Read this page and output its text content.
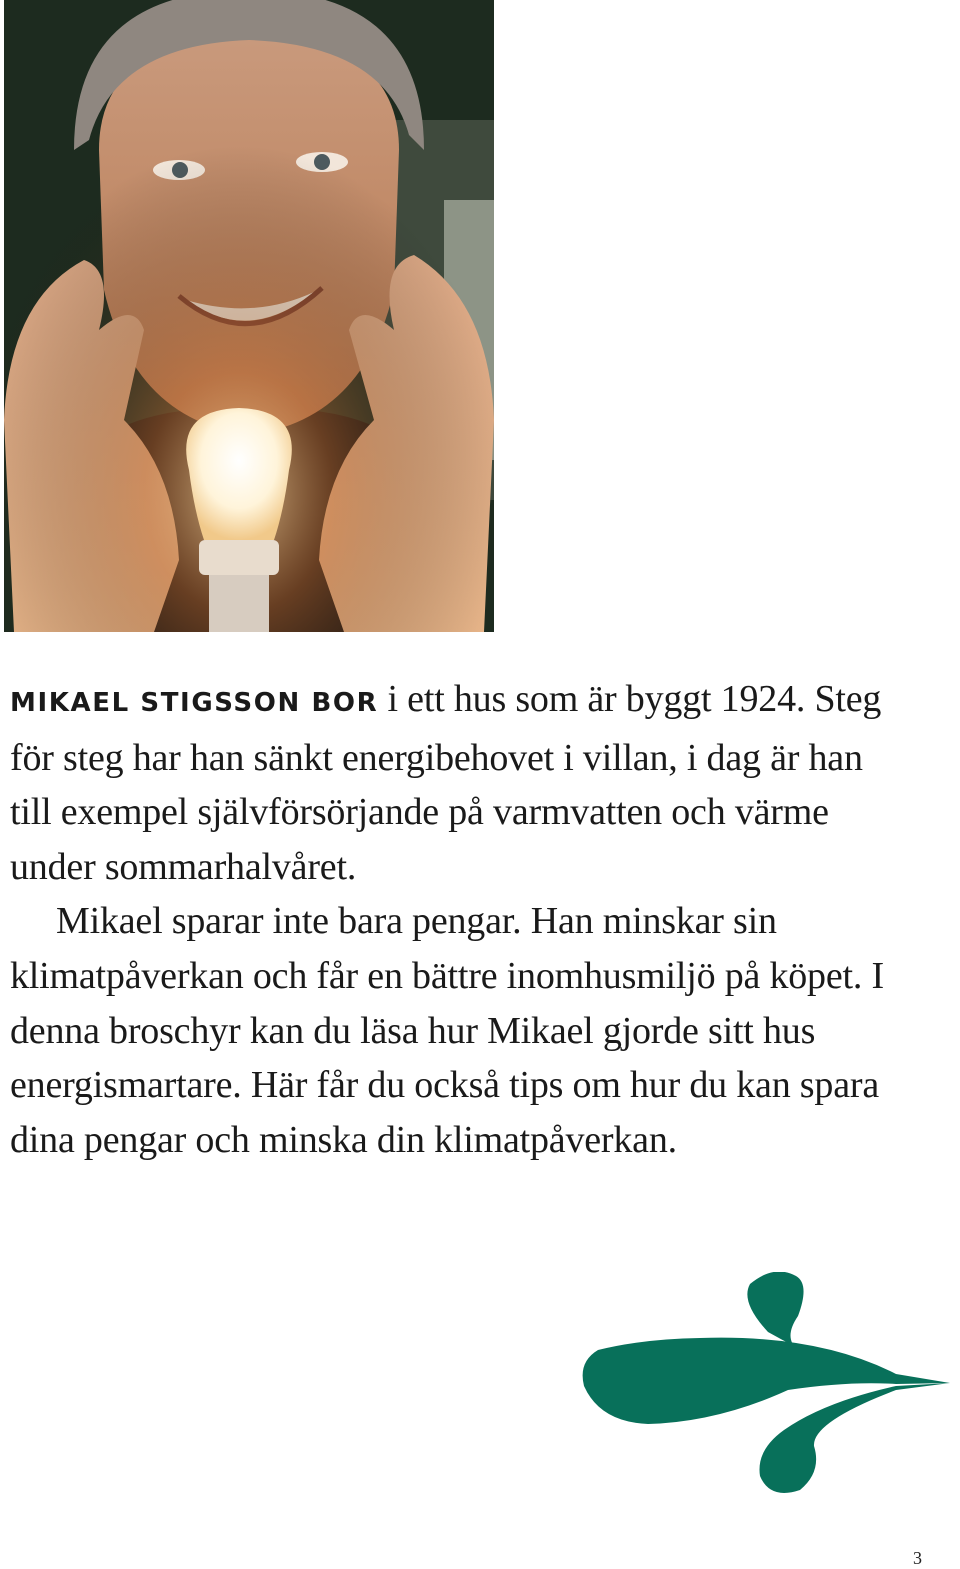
MIKAEL STIGSSON BOR i ett hus som är byggt 1924. Steg för steg har han sänkt energibehovet i villan, i dag är han till exempel självförsörjande på varmvatten och värme under sommarhalvåret.

Mikael sparar inte bara pengar. Han minskar sin klimatpåverkan och får en bättre inomhusmiljö på köpet. I denna broschyr kan du läsa hur Mikael gjorde sitt hus energismartare. Här får du också tips om hur du kan spara dina pengar och minska din klimatpåverkan.

3
